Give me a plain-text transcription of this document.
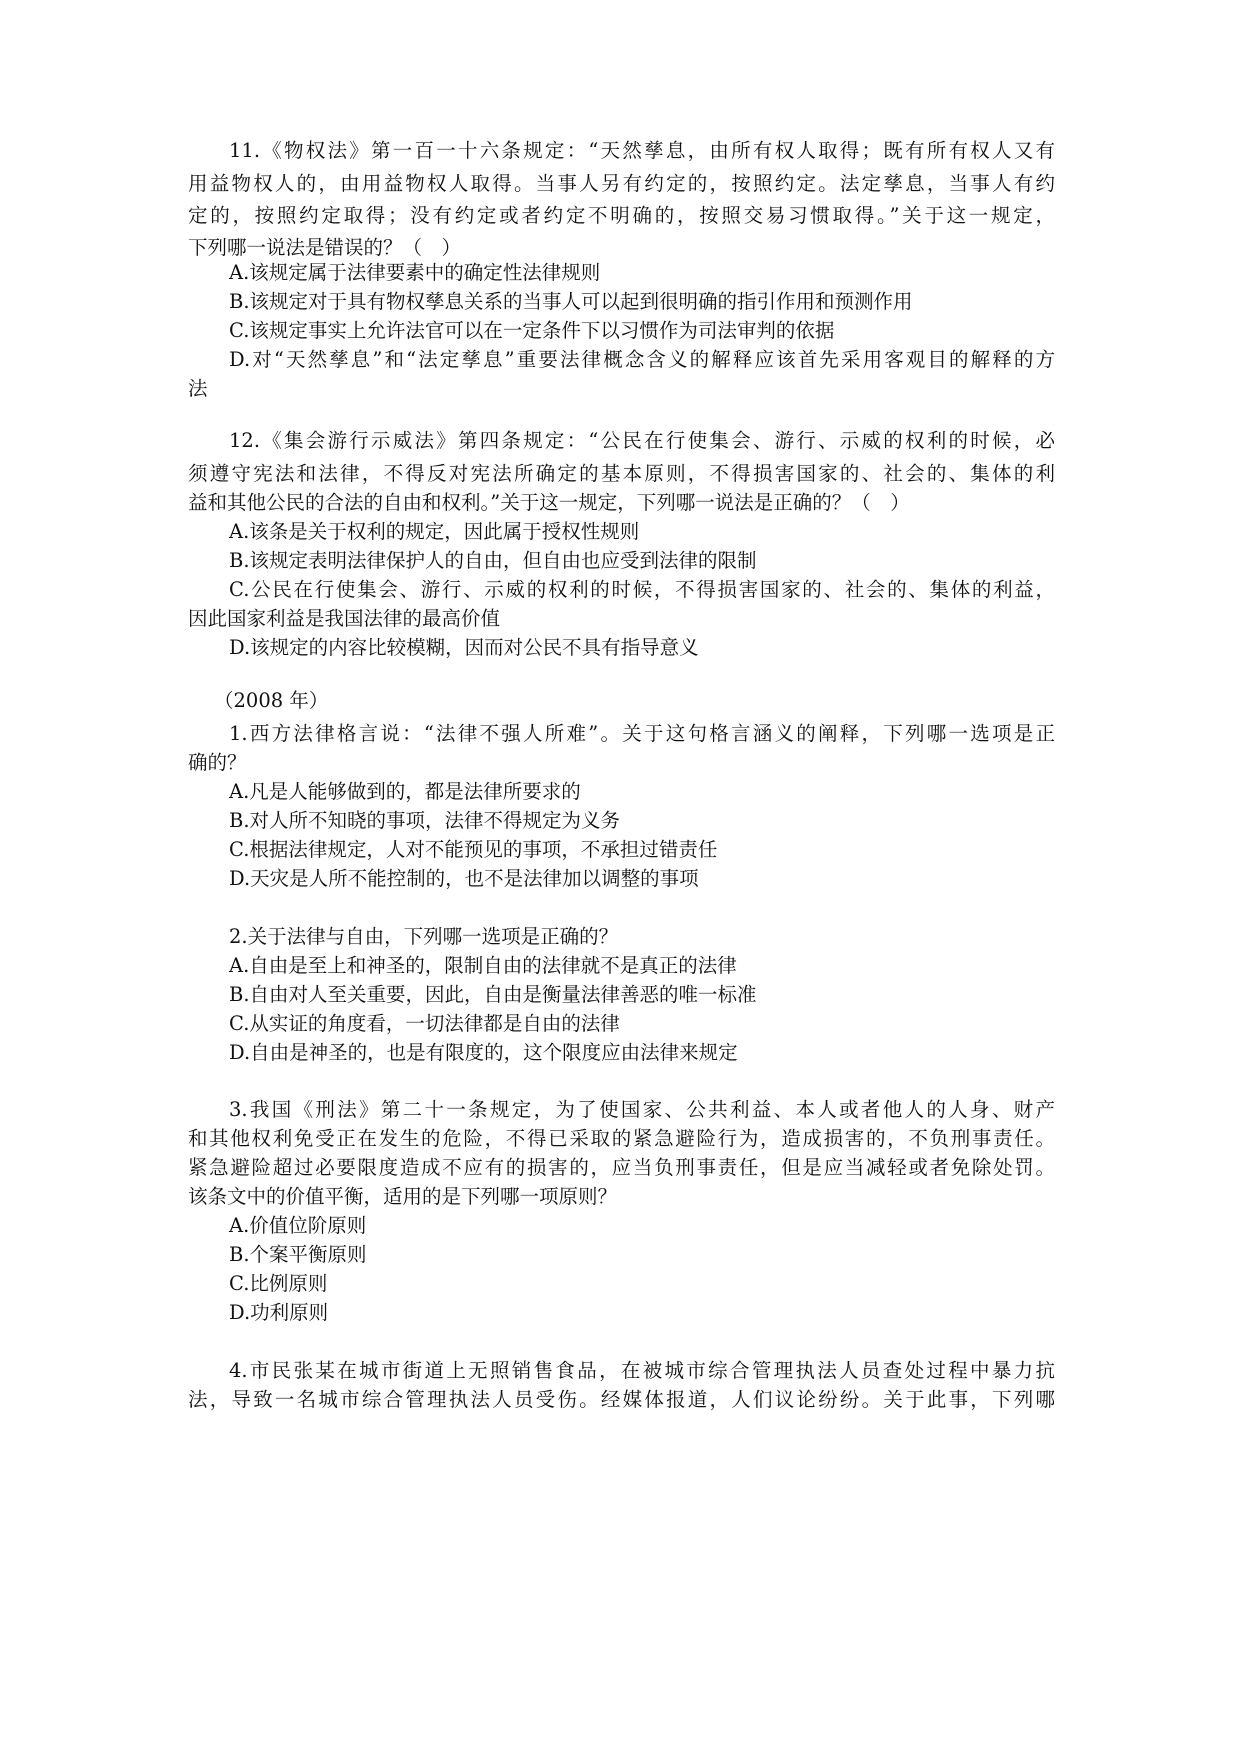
11.《物权法》第一百一十六条规定：“天然孳息，由所有权人取得；既有所有权人又有
用益物权人的，由用益物权人取得。当事人另有约定的，按照约定。法定孳息，当事人有约
定的，按照约定取得；没有约定或者约定不明确的，按照交易习惯取得。”关于这一规定，
下列哪一说法是错误的？（　）
A.该规定属于法律要素中的确定性法律规则
B.该规定对于具有物权孳息关系的当事人可以起到很明确的指引作用和预测作用
C.该规定事实上允许法官可以在一定条件下以习惯作为司法审判的依据
D.对“天然孳息”和“法定孳息”重要法律概念含义的解释应该首先采用客观目的解释的方
法
12.《集会游行示威法》第四条规定：“公民在行使集会、游行、示威的权利的时候，必
须遵守宪法和法律，不得反对宪法所确定的基本原则，不得损害国家的、社会的、集体的利
益和其他公民的合法的自由和权利。”关于这一规定，下列哪一说法是正确的？（　）
A.该条是关于权利的规定，因此属于授权性规则
B.该规定表明法律保护人的自由，但自由也应受到法律的限制
C.公民在行使集会、游行、示威的权利的时候，不得损害国家的、社会的、集体的利益，
因此国家利益是我国法律的最高价值
D.该规定的内容比较模糊，因而对公民不具有指导意义
（2008 年）
1.西方法律格言说：“法律不强人所难”。关于这句格言涵义的阐释，下列哪一选项是正
确的？
A.凡是人能够做到的，都是法律所要求的
B.对人所不知晓的事项，法律不得规定为义务
C.根据法律规定，人对不能预见的事项，不承担过错责任
D.天灾是人所不能控制的，也不是法律加以调整的事项
2.关于法律与自由，下列哪一选项是正确的？
A.自由是至上和神圣的，限制自由的法律就不是真正的法律
B.自由对人至关重要，因此，自由是衡量法律善恶的唯一标准
C.从实证的角度看，一切法律都是自由的法律
D.自由是神圣的，也是有限度的，这个限度应由法律来规定
3.我国《刑法》第二十一条规定，为了使国家、公共利益、本人或者他人的人身、财产
和其他权利免受正在发生的危险，不得已采取的紧急避险行为，造成损害的，不负刑事责任。
紧急避险超过必要限度造成不应有的损害的，应当负刑事责任，但是应当减轻或者免除处罚。
该条文中的价值平衡，适用的是下列哪一项原则？
A.价值位阶原则
B.个案平衡原则
C.比例原则
D.功利原则
4.市民张某在城市街道上无照销售食品，在被城市综合管理执法人员查处过程中暴力抗
法，导致一名城市综合管理执法人员受伤。经媒体报道，人们议论纷纷。关于此事，下列哪
